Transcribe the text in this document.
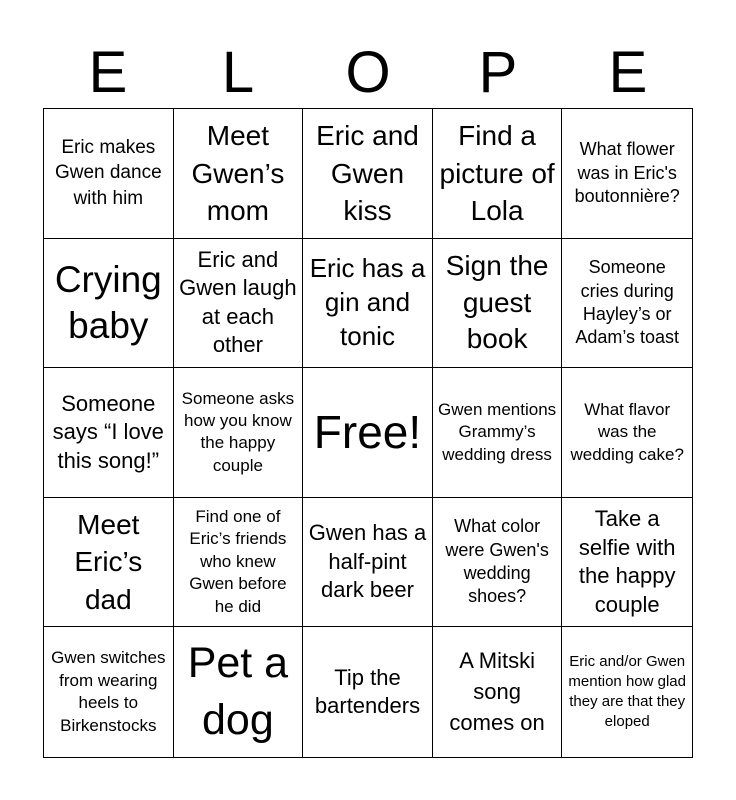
E	L	O	P	E
Eric makes Gwen dance with him
Meet Gwen’s mom
Eric and Gwen kiss
Find a picture of Lola
What flower was in Eric's boutonnière?
Crying baby
Eric and Gwen laugh at each other
Eric has a gin and tonic
Sign the guest book
Someone cries during Hayley’s or Adam’s toast
Someone says “I love this song!”
Someone asks how you know the happy couple
Free! Gwen mentions Grammy’s wedding dress
What flavor was the wedding cake?
Meet Eric’s dad
Find one of Eric’s friends who knew Gwen before he did
Gwen has a half-pint dark beer
What color were Gwen's wedding shoes?
Take a selfie with the happy couple
Gwen switches from wearing heels to Birkenstocks
Pet a dog
Tip the bartenders
A Mitski song comes on
Eric and/or Gwen mention how glad they are that they eloped
